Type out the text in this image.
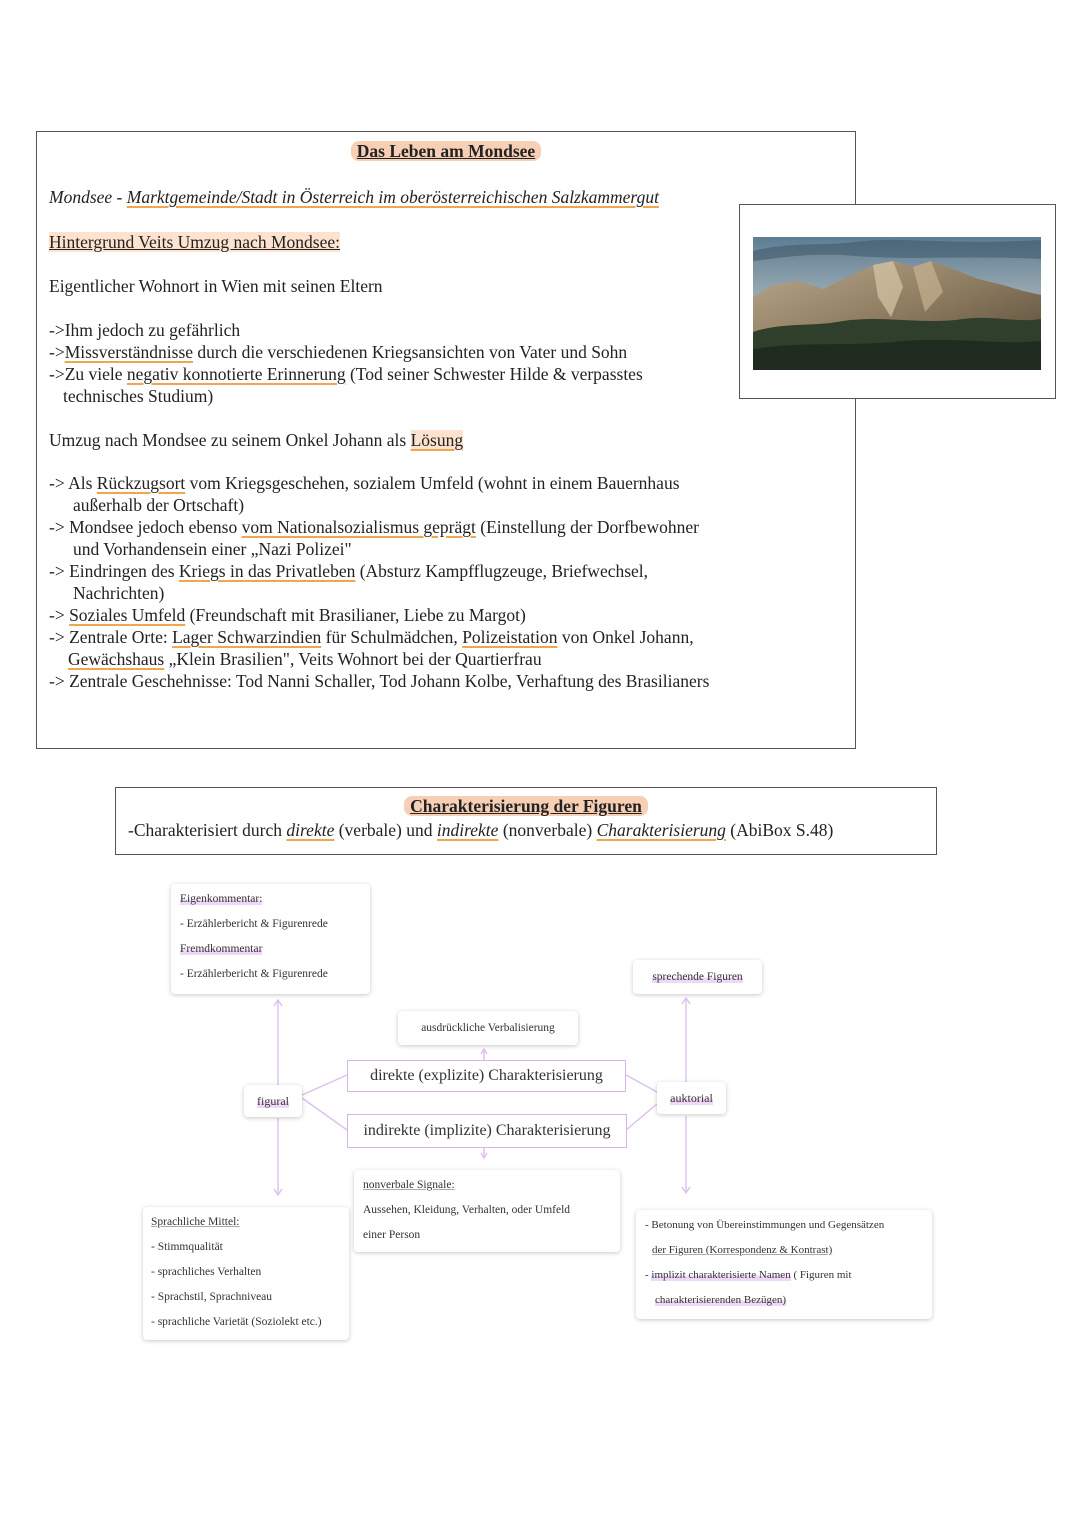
Das Leben am Mondsee
Mondsee - Marktgemeinde/Stadt in Österreich im oberösterreichischen Salzkammergut
Hintergrund Veits Umzug nach Mondsee:
Eigentlicher Wohnort in Wien mit seinen Eltern
->Ihm jedoch zu gefährlich
->Missverständnisse durch die verschiedenen Kriegsansichten von Vater und Sohn
->Zu viele negativ konnotierte Erinnerung (Tod seiner Schwester Hilde & verpasstes
technisches Studium)
Umzug nach Mondsee zu seinem Onkel Johann als Lösung
-> Als Rückzugsort vom Kriegsgeschehen, sozialem Umfeld (wohnt in einem Bauernhaus
außerhalb der Ortschaft)
-> Mondsee jedoch ebenso vom Nationalsozialismus geprägt (Einstellung der Dorfbewohner
und Vorhandensein einer „Nazi Polizei"
-> Eindringen des Kriegs in das Privatleben (Absturz Kampfflugzeuge, Briefwechsel,
Nachrichten)
-> Soziales Umfeld (Freundschaft mit Brasilianer, Liebe zu Margot)
-> Zentrale Orte: Lager Schwarzindien für Schulmädchen, Polizeistation von Onkel Johann,
Gewächshaus „Klein Brasilien", Veits Wohnort bei der Quartierfrau
-> Zentrale Geschehnisse: Tod Nanni Schaller, Tod Johann Kolbe, Verhaftung des Brasilianers
Charakterisierung der Figuren
-Charakterisiert durch direkte (verbale) und indirekte (nonverbale) Charakterisierung (AbiBox S.48)
Eigenkommentar:
- Erzählerbericht & Figurenrede
Fremdkommentar
- Erzählerbericht & Figurenrede	sprechende Figuren
ausdrückliche Verbalisierung
direkte (explizite) Charakterisierung
indirekte (implizite) Charakterisierung
figural	auktorial
nonverbale Signale:
Aussehen, Kleidung, Verhalten, oder Umfeld
einer Person
Sprachliche Mittel:
- Stimmqualität
- sprachliches Verhalten
- Sprachstil, Sprachniveau
- sprachliche Varietät (Soziolekt etc.)
- Betonung von Übereinstimmungen und Gegensätzen
der Figuren (Korrespondenz & Kontrast)
- implizit charakterisierte Namen ( Figuren mit
charakterisierenden Bezügen)
